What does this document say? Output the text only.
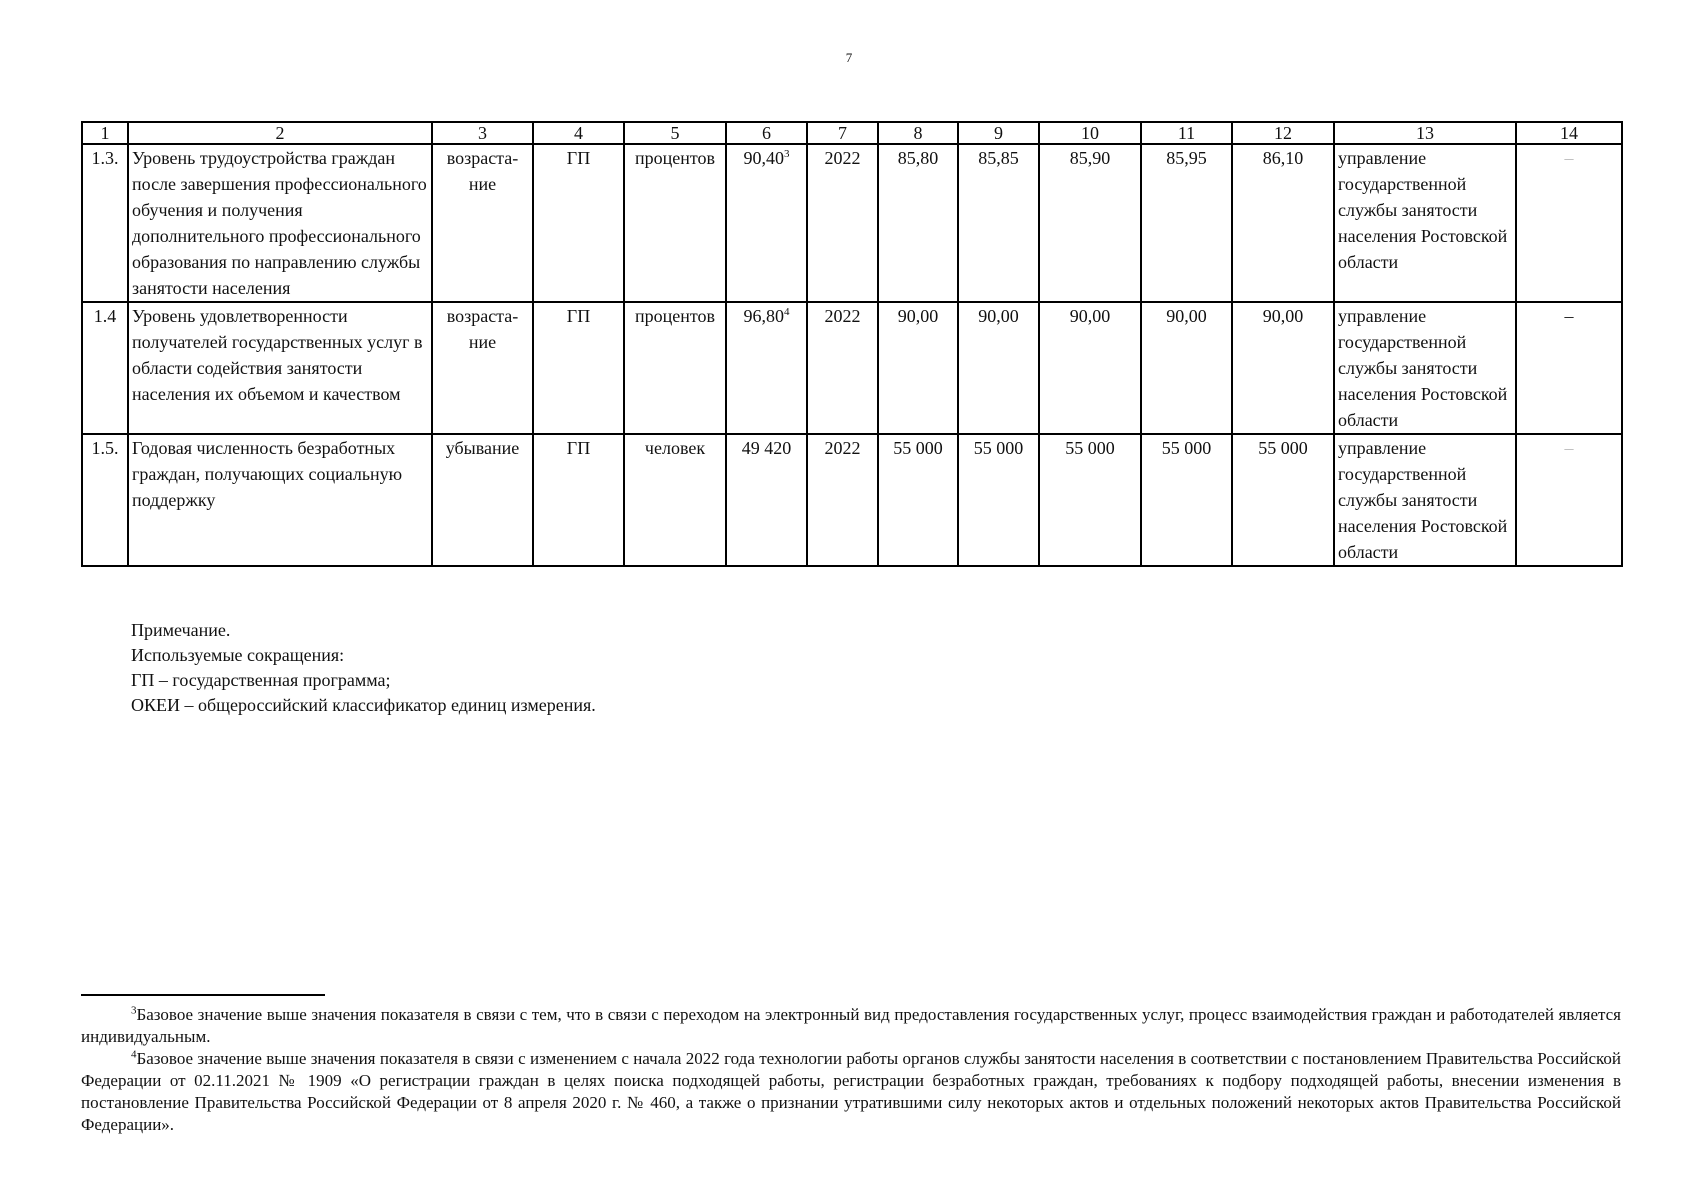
7
1	2	3	4	5	6	7	8	9	10	11	12	13	14
1.3.	Уровень трудоустройства граждан после завершения профессионального обучения и получения дополнительного профессионального образования по направлению службы занятости населения	возраста-ние	ГП	процентов	90,40$^3$	2022	85,80	85,85	85,90	85,95	86,10	управление государственной службы занятости населения Ростовской области	–
1.4	Уровень удовлетворенности получателей государственных услуг в области содействия занятости населения их объемом и качеством	возраста-ние	ГП	процентов	96,80$^4$	2022	90,00	90,00	90,00	90,00	90,00	управление государственной службы занятости населения Ростовской области	–
1.5.	Годовая численность безработных граждан, получающих социальную поддержку	убывание	ГП	человек	49 420	2022	55 000	55 000	55 000	55 000	55 000	управление государственной службы занятости населения Ростовской области	–
Примечание.
Используемые сокращения:
ГП – государственная программа;
ОКЕИ – общероссийский классификатор единиц измерения.

$^3$Базовое значение выше значения показателя в связи с тем, что в связи с переходом на электронный вид предоставления государственных услуг, процесс взаимодействия граждан и работодателей является индивидуальным.

$^4$Базовое значение выше значения показателя в связи с изменением с начала 2022 года технологии работы органов службы занятости населения в соответствии с постановлением Правительства Российской Федерации от 02.11.2021 № 1909 «О регистрации граждан в целях поиска подходящей работы, регистрации безработных граждан, требованиях к подбору подходящей работы, внесении изменения в постановление Правительства Российской Федерации от 8 апреля 2020 г. № 460, а также о признании утратившими силу некоторых актов и отдельных положений некоторых актов Правительства Российской Федерации».
